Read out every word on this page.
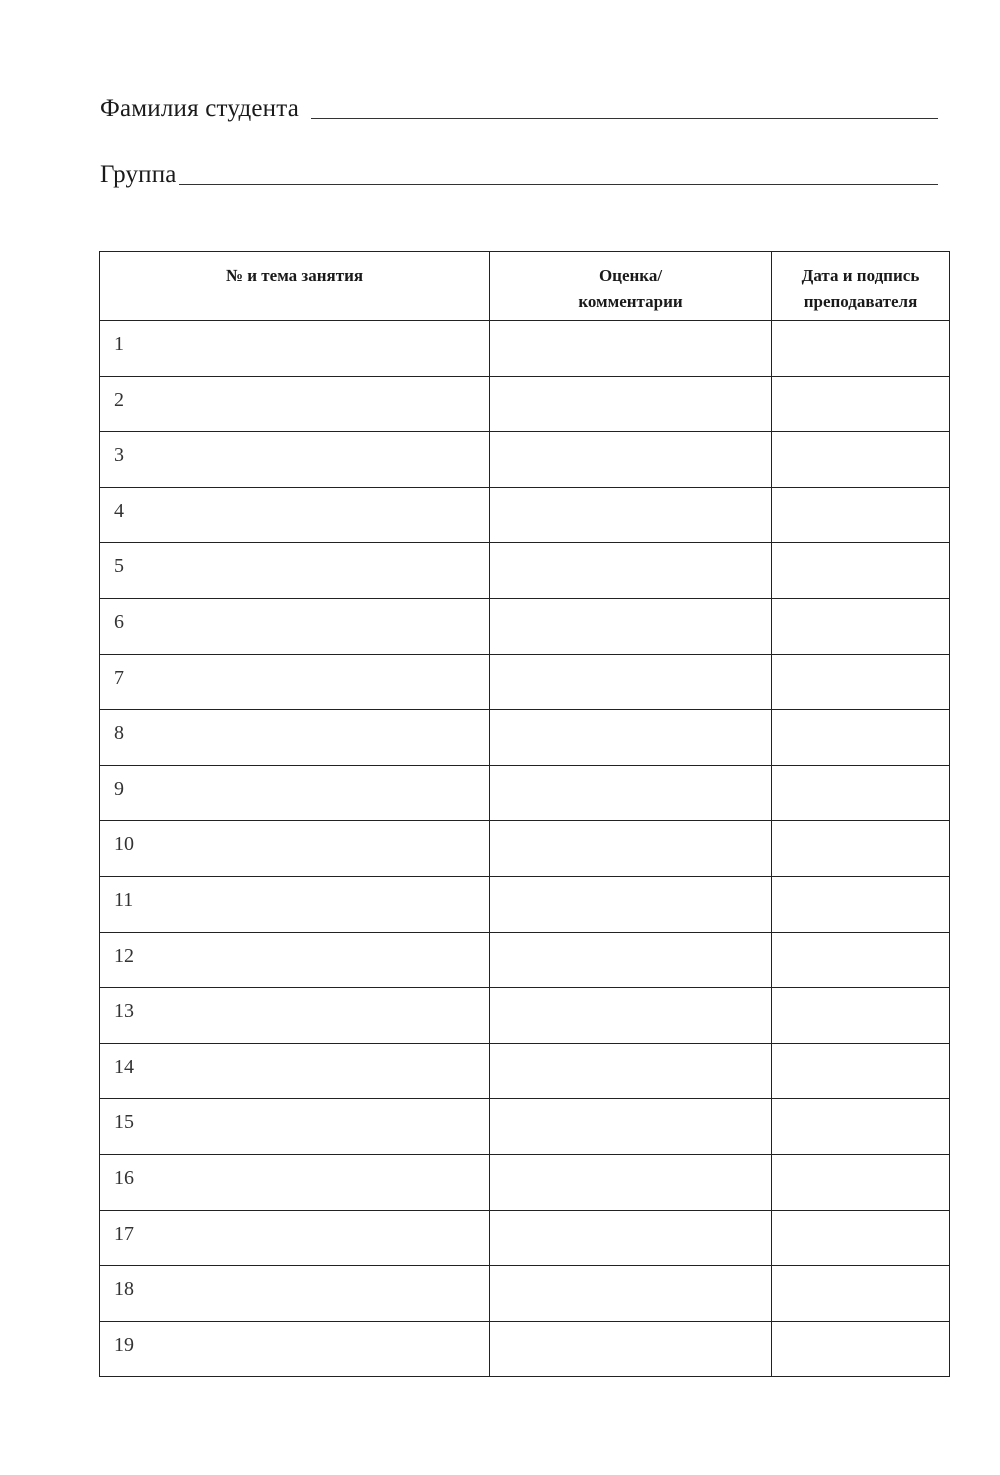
Фамилия студента
Группа
№ и тема занятия	Оценка/ комментарии	Дата и подпись преподавателя
1		
2		
3		
4		
5		
6		
7		
8		
9		
10		
11		
12		
13		
14		
15		
16		
17		
18		
19		
